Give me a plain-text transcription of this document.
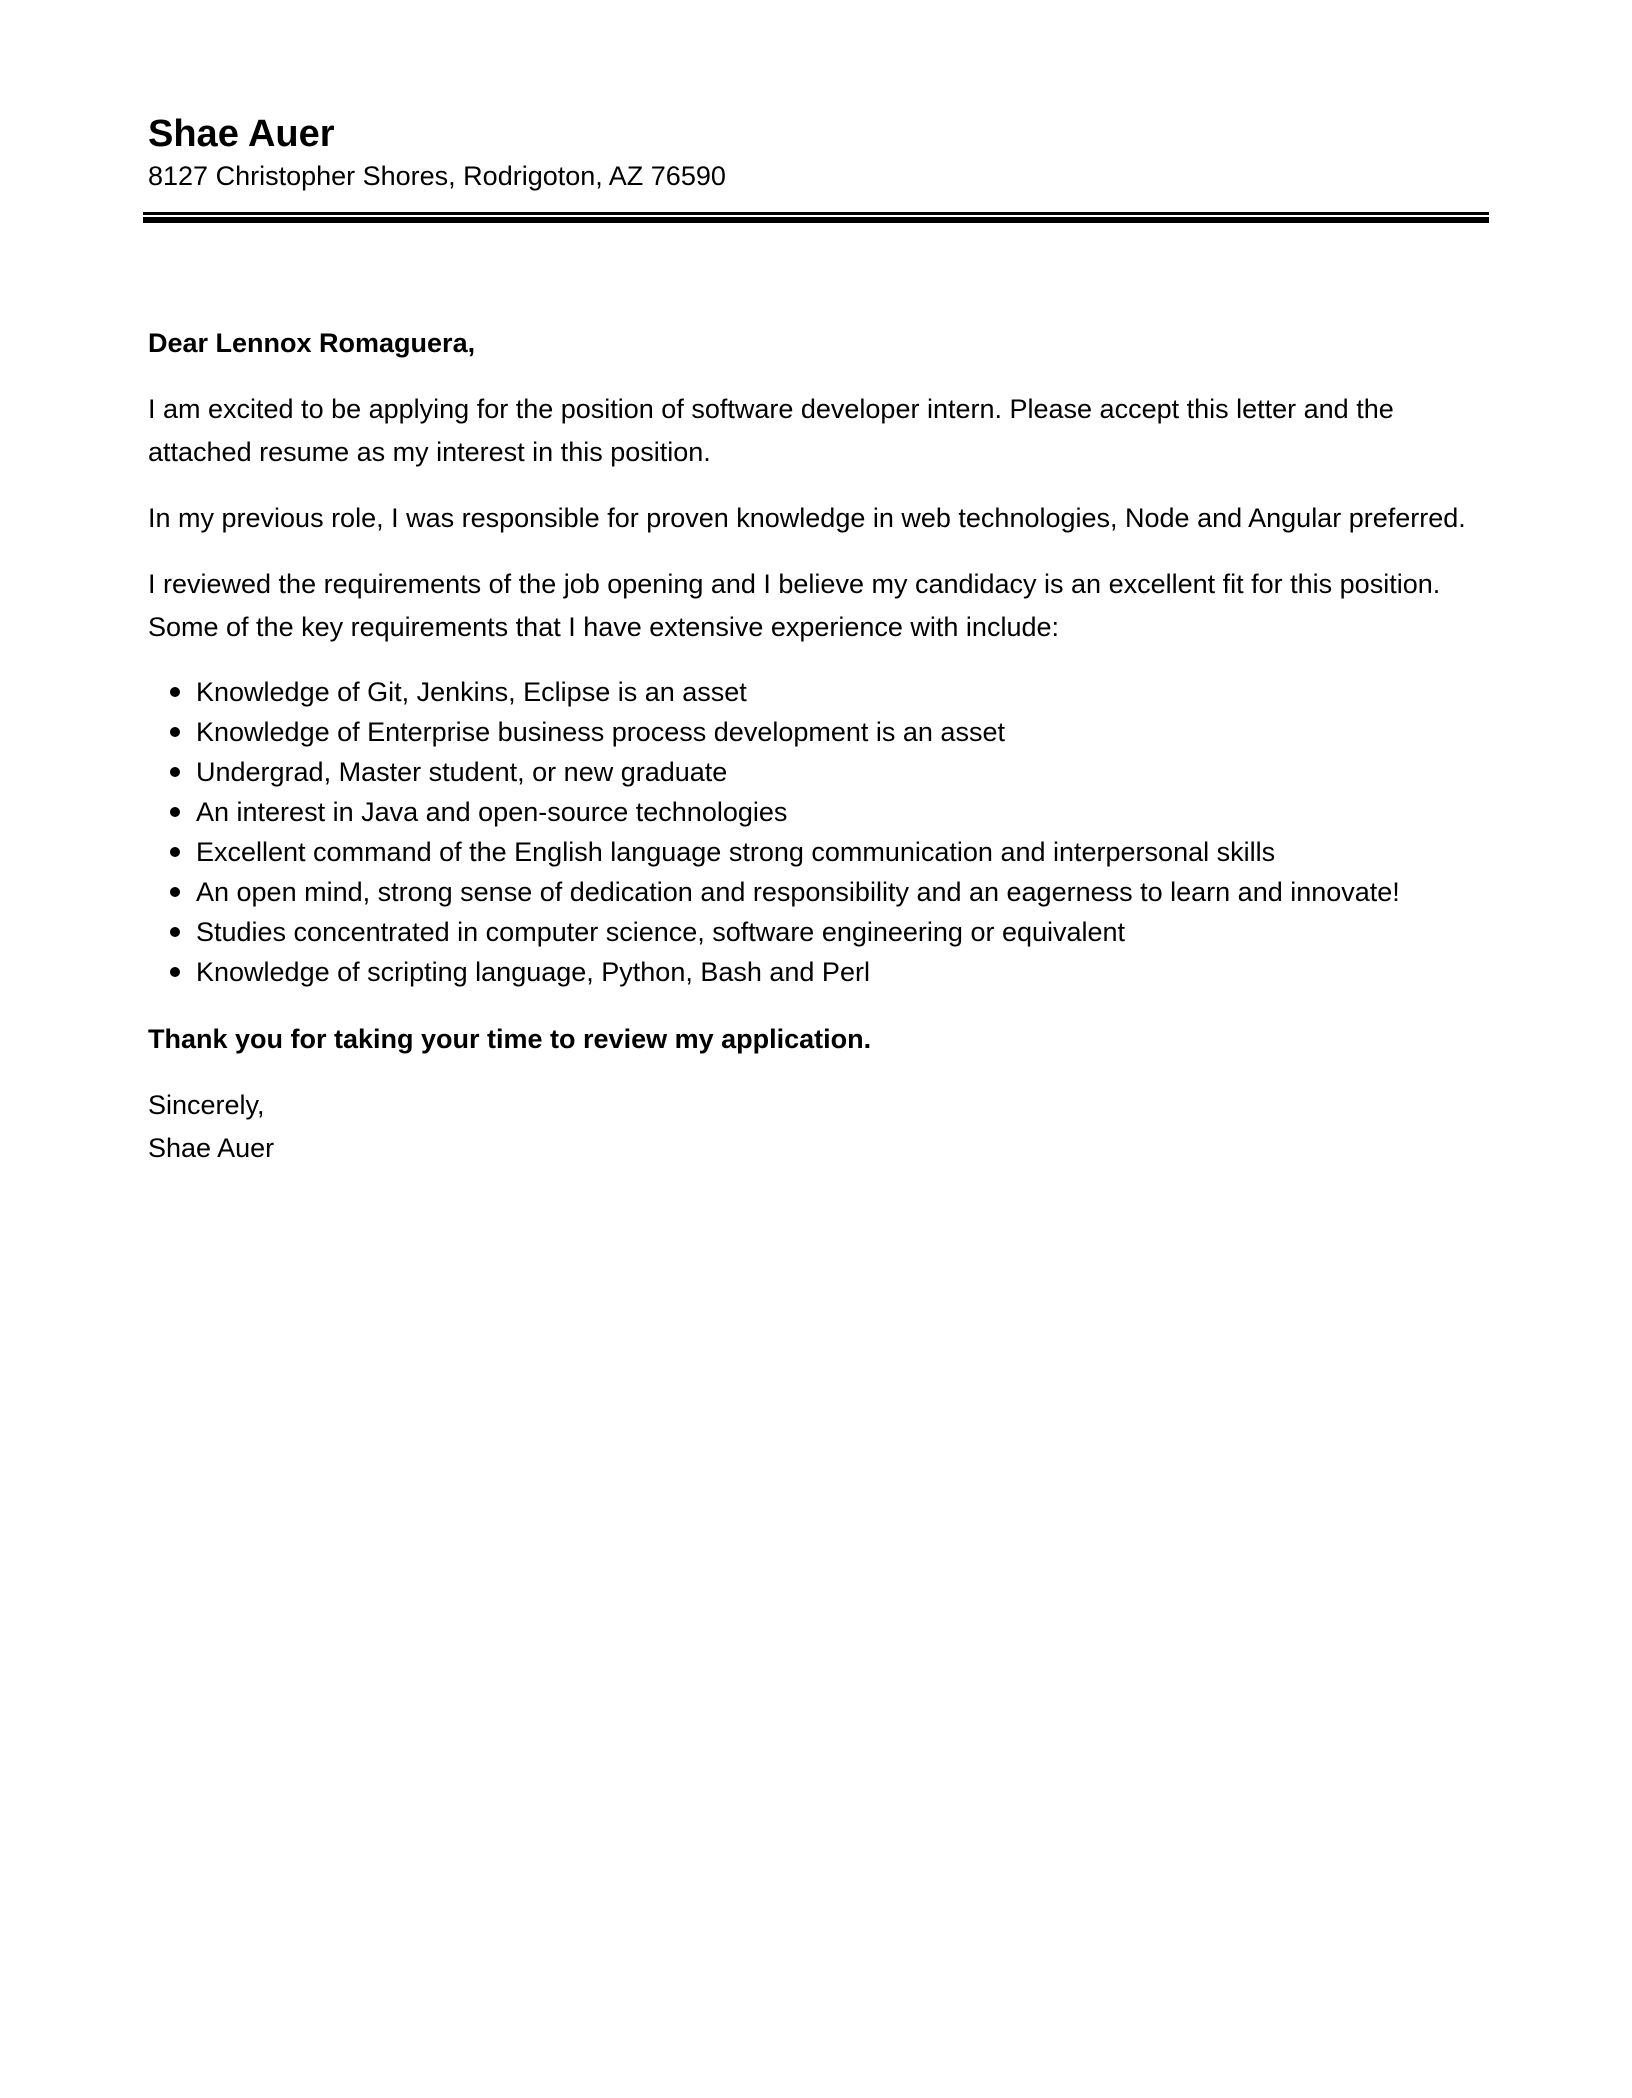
Shae Auer

8127 Christopher Shores, Rodrigoton, AZ 76590

Dear Lennox Romaguera,

I am excited to be applying for the position of software developer intern. Please accept this letter and the attached resume as my interest in this position.

In my previous role, I was responsible for proven knowledge in web technologies, Node and Angular preferred.

I reviewed the requirements of the job opening and I believe my candidacy is an excellent fit for this position. Some of the key requirements that I have extensive experience with include:

Knowledge of Git, Jenkins, Eclipse is an asset
Knowledge of Enterprise business process development is an asset
Undergrad, Master student, or new graduate
An interest in Java and open-source technologies
Excellent command of the English language strong communication and interpersonal skills
An open mind, strong sense of dedication and responsibility and an eagerness to learn and innovate!
Studies concentrated in computer science, software engineering or equivalent
Knowledge of scripting language, Python, Bash and Perl

Thank you for taking your time to review my application.

Sincerely,

Shae Auer
